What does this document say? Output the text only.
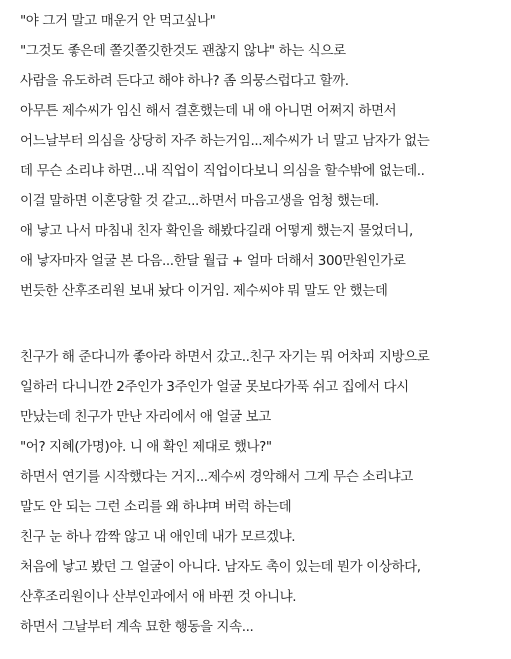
"야 그거 말고 매운거 안 먹고싶나"
"그것도 좋은데 쫄깃쫄깃한것도 괜찮지 않냐" 하는 식으로
사람을 유도하려 든다고 해야 하나? 좀 의뭉스럽다고 할까.
아무튼 제수씨가 임신 해서 결혼했는데 내 애 아니면 어쩌지 하면서
어느날부터 의심을 상당히 자주 하는거임...제수씨가 너 말고 남자가 없는
데 무슨 소리냐 하면...내 직업이 직업이다보니 의심을 할수밖에 없는데..
이걸 말하면 이혼당할 것 같고...하면서 마음고생을 엄청 했는데.
애 낳고 나서 마침내 친자 확인을 해봤다길래 어떻게 했는지 물었더니,
애 낳자마자 얼굴 본 다음...한달 월급 + 얼마 더해서 300만원인가로
번듯한 산후조리원 보내 놨다 이거임. 제수씨야 뭐 말도 안 했는데
친구가 해 준다니까 좋아라 하면서 갔고..친구 자기는 뭐 어차피 지방으로
일하러 다니니깐 2주인가 3주인가 얼굴 못보다가푹 쉬고 집에서 다시
만났는데 친구가 만난 자리에서 애 얼굴 보고
"어? 지혜(가명)야. 니 애 확인 제대로 했나?"
하면서 연기를 시작했다는 거지...제수씨 경악해서 그게 무슨 소리냐고
말도 안 되는 그런 소리를 왜 하냐며 버럭 하는데
친구 눈 하나 깜짝 않고 내 애인데 내가 모르겠냐.
처음에 낳고 봤던 그 얼굴이 아니다. 남자도 촉이 있는데 뭔가 이상하다,
산후조리원이나 산부인과에서 애 바뀐 것 아니냐.
하면서 그날부터 계속 묘한 행동을 지속...
